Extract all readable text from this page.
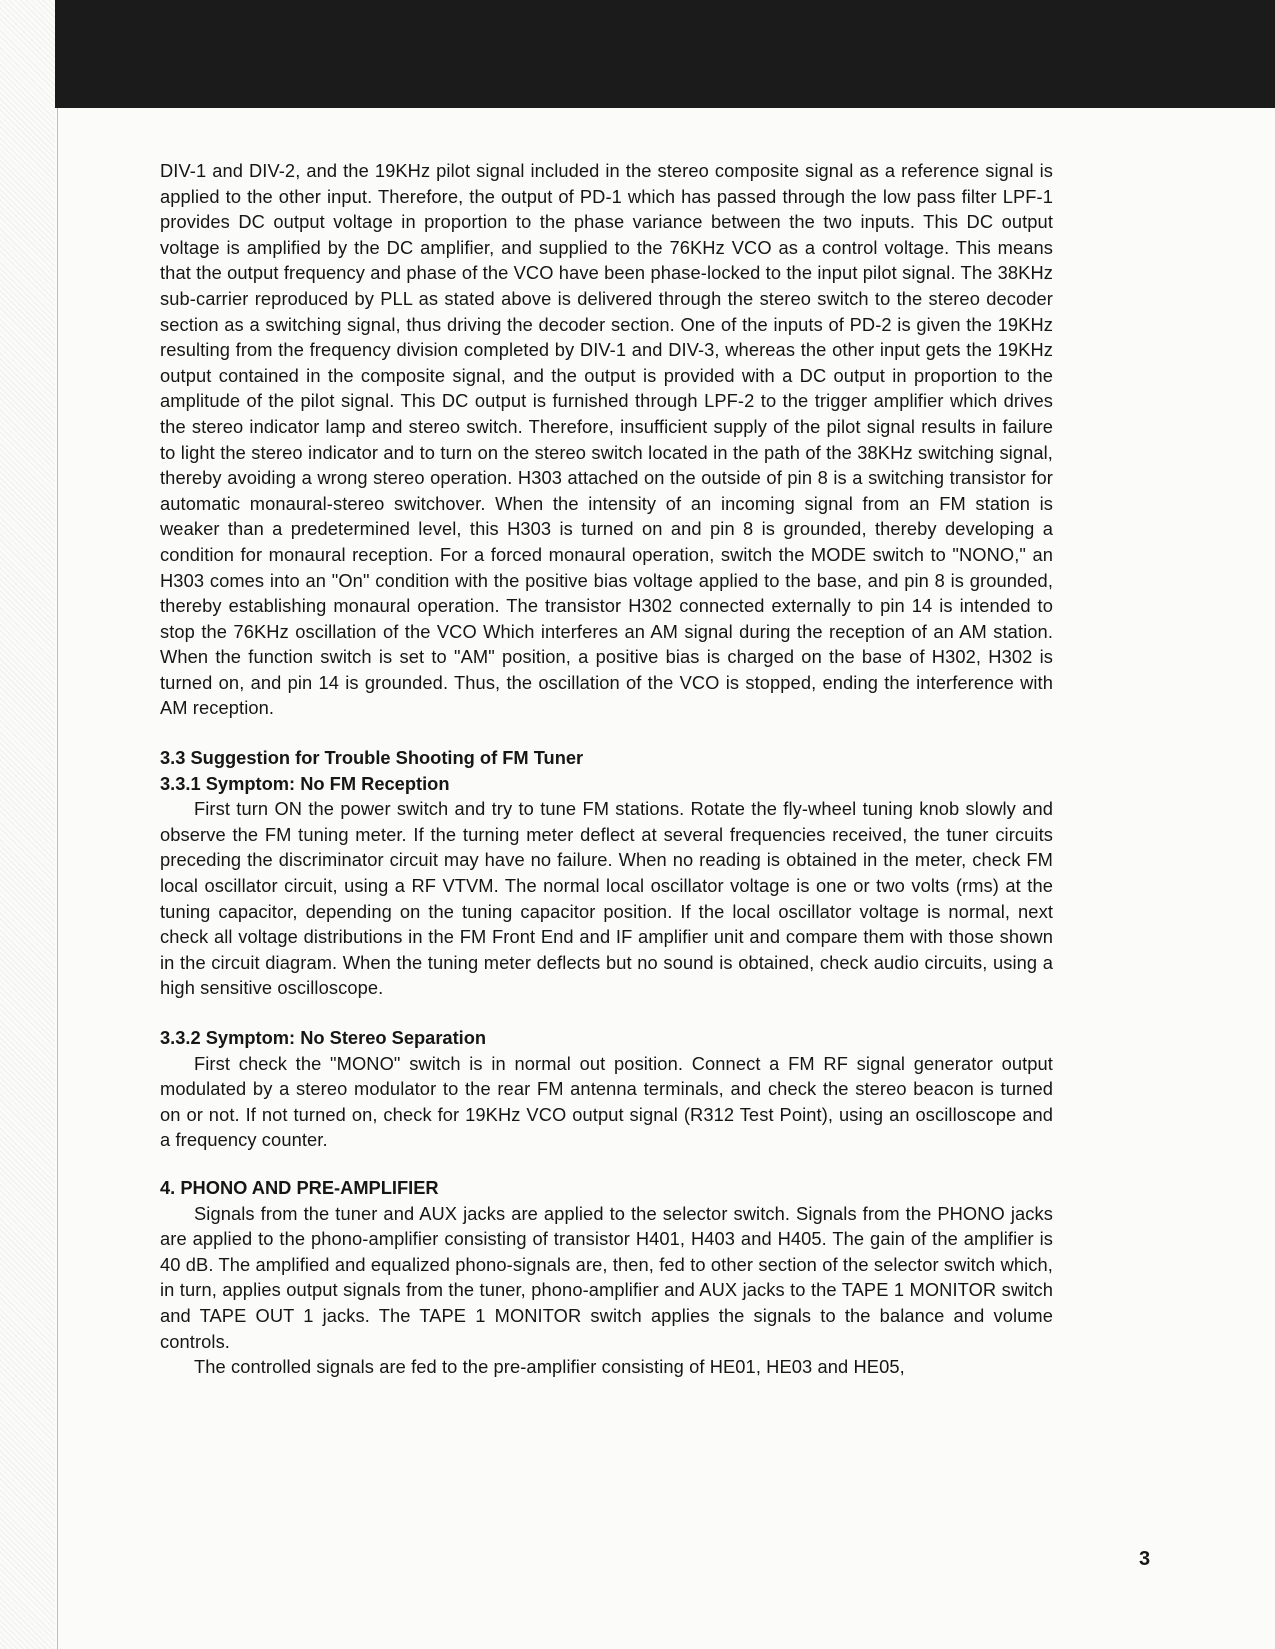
DIV-1 and DIV-2, and the 19KHz pilot signal included in the stereo composite signal as a reference signal is applied to the other input. Therefore, the output of PD-1 which has passed through the low pass filter LPF-1 provides DC output voltage in proportion to the phase variance between the two inputs. This DC output voltage is amplified by the DC amplifier, and supplied to the 76KHz VCO as a control voltage. This means that the output frequency and phase of the VCO have been phase-locked to the input pilot signal. The 38KHz sub-carrier reproduced by PLL as stated above is delivered through the stereo switch to the stereo decoder section as a switching signal, thus driving the decoder section. One of the inputs of PD-2 is given the 19KHz resulting from the frequency division completed by DIV-1 and DIV-3, whereas the other input gets the 19KHz output contained in the composite signal, and the output is provided with a DC output in proportion to the amplitude of the pilot signal. This DC output is furnished through LPF-2 to the trigger amplifier which drives the stereo indicator lamp and stereo switch. Therefore, insufficient supply of the pilot signal results in failure to light the stereo indicator and to turn on the stereo switch located in the path of the 38KHz switching signal, thereby avoiding a wrong stereo operation. H303 attached on the outside of pin 8 is a switching transistor for automatic monaural-stereo switchover. When the intensity of an incoming signal from an FM station is weaker than a predetermined level, this H303 is turned on and pin 8 is grounded, thereby developing a condition for monaural reception. For a forced monaural operation, switch the MODE switch to "NONO," an H303 comes into an "On" condition with the positive bias voltage applied to the base, and pin 8 is grounded, thereby establishing monaural operation. The transistor H302 connected externally to pin 14 is intended to stop the 76KHz oscillation of the VCO Which interferes an AM signal during the reception of an AM station. When the function switch is set to "AM" position, a positive bias is charged on the base of H302, H302 is turned on, and pin 14 is grounded. Thus, the oscillation of the VCO is stopped, ending the interference with AM reception.

3.3 Suggestion for Trouble Shooting of FM Tuner
3.3.1 Symptom: No FM Reception

First turn ON the power switch and try to tune FM stations. Rotate the fly-wheel tuning knob slowly and observe the FM tuning meter. If the turning meter deflect at several frequencies received, the tuner circuits preceding the discriminator circuit may have no failure. When no reading is obtained in the meter, check FM local oscillator circuit, using a RF VTVM. The normal local oscillator voltage is one or two volts (rms) at the tuning capacitor, depending on the tuning capacitor position. If the local oscillator voltage is normal, next check all voltage distributions in the FM Front End and IF amplifier unit and compare them with those shown in the circuit diagram. When the tuning meter deflects but no sound is obtained, check audio circuits, using a high sensitive oscilloscope.

3.3.2 Symptom: No Stereo Separation

First check the "MONO" switch is in normal out position. Connect a FM RF signal generator output modulated by a stereo modulator to the rear FM antenna terminals, and check the stereo beacon is turned on or not. If not turned on, check for 19KHz VCO output signal (R312 Test Point), using an oscilloscope and a frequency counter.

4. PHONO AND PRE-AMPLIFIER

Signals from the tuner and AUX jacks are applied to the selector switch. Signals from the PHONO jacks are applied to the phono-amplifier consisting of transistor H401, H403 and H405. The gain of the amplifier is 40 dB. The amplified and equalized phono-signals are, then, fed to other section of the selector switch which, in turn, applies output signals from the tuner, phono-amplifier and AUX jacks to the TAPE 1 MONITOR switch and TAPE OUT 1 jacks. The TAPE 1 MONITOR switch applies the signals to the balance and volume controls.

The controlled signals are fed to the pre-amplifier consisting of HE01, HE03 and HE05,

3
